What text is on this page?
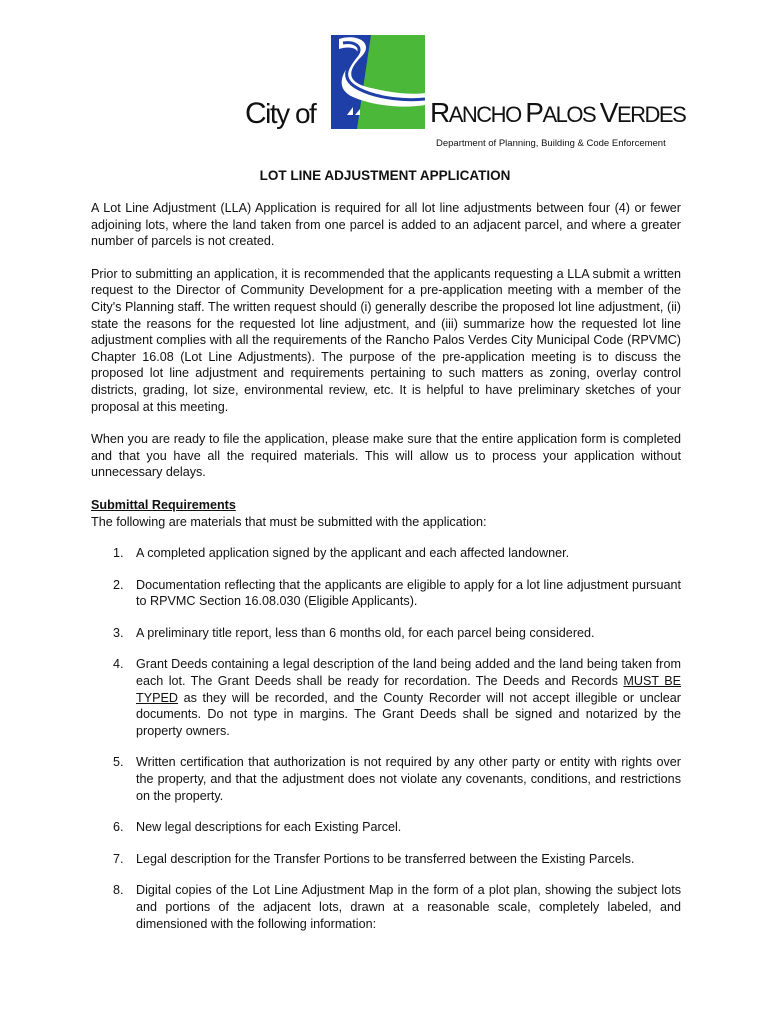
City of	RANCHO PALOS VERDES
Department of Planning, Building & Code Enforcement
LOT LINE ADJUSTMENT APPLICATION

A Lot Line Adjustment (LLA) Application is required for all lot line adjustments between four (4) or fewer adjoining lots, where the land taken from one parcel is added to an adjacent parcel, and where a greater number of parcels is not created.

Prior to submitting an application, it is recommended that the applicants requesting a LLA submit a written request to the Director of Community Development for a pre-application meeting with a member of the City's Planning staff. The written request should (i) generally describe the proposed lot line adjustment, (ii) state the reasons for the requested lot line adjustment, and (iii) summarize how the requested lot line adjustment complies with all the requirements of the Rancho Palos Verdes City Municipal Code (RPVMC) Chapter 16.08 (Lot Line Adjustments). The purpose of the pre-application meeting is to discuss the proposed lot line adjustment and requirements pertaining to such matters as zoning, overlay control districts, grading, lot size, environmental review, etc. It is helpful to have preliminary sketches of your proposal at this meeting.

When you are ready to file the application, please make sure that the entire application form is completed and that you have all the required materials. This will allow us to process your application without unnecessary delays.

Submittal Requirements
The following are materials that must be submitted with the application:
1. A completed application signed by the applicant and each affected landowner.
2. Documentation reflecting that the applicants are eligible to apply for a lot line adjustment pursuant to RPVMC Section 16.08.030 (Eligible Applicants).
3. A preliminary title report, less than 6 months old, for each parcel being considered.
4. Grant Deeds containing a legal description of the land being added and the land being taken from each lot. The Grant Deeds shall be ready for recordation. The Deeds and Records MUST BE TYPED as they will be recorded, and the County Recorder will not accept illegible or unclear documents. Do not type in margins. The Grant Deeds shall be signed and notarized by the property owners.
5. Written certification that authorization is not required by any other party or entity with rights over the property, and that the adjustment does not violate any covenants, conditions, and restrictions on the property.
6. New legal descriptions for each Existing Parcel.
7. Legal description for the Transfer Portions to be transferred between the Existing Parcels.
8. Digital copies of the Lot Line Adjustment Map in the form of a plot plan, showing the subject lots and portions of the adjacent lots, drawn at a reasonable scale, completely labeled, and dimensioned with the following information:
